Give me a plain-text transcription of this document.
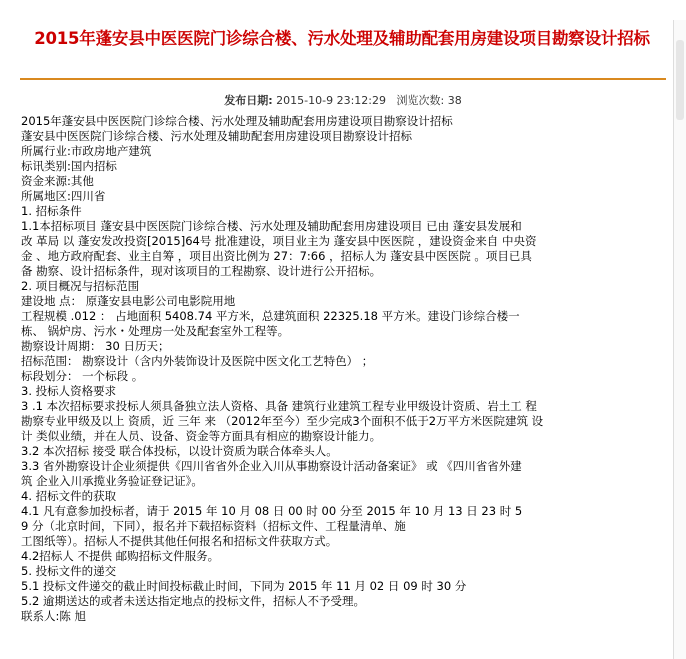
2015年蓬安县中医医院门诊综合楼、污水处理及辅助配套用房建设项目勘察设计招标
发布日期: 2015-10-9 23:12:29 浏览次数: 38
2015年蓬安县中医医院门诊综合楼、污水处理及辅助配套用房建设项目勘察设计招标
蓬安县中医医院门诊综合楼、污水处理及辅助配套用房建设项目勘察设计招标
所属行业:市政房地产建筑
标讯类别:国内招标
资金来源:其他
所属地区:四川省
1. 招标条件
1.1本招标项目 蓬安县中医医院门诊综合楼、污水处理及辅助配套用房建设项目 已由 蓬安县发展和
改 革局 以 蓬安发改投资[2015]64号 批准建设，项目业主为 蓬安县中医医院 ，建设资金来自 中央资
金 、地方政府配套、业主自筹 ，项目出资比例为 27：7:66 ，招标人为 蓬安县中医医院 。项目已具
备 勘察、设计招标条件，现对该项目的工程勘察、设计进行公开招标。
2. 项目概况与招标范围
建设地 点： 原蓬安县电影公司电影院用地
工程规模 .012 ： 占地面积 5408.74 平方米，总建筑面积 22325.18 平方米。建设门诊综合楼一
栋、 锅炉房、污水・处理房一处及配套室外工程等。
勘察设计周期： 30 日历天；
招标范围： 勘察设计（含内外装饰设计及医院中医文化工艺特色） ；
标段划分： 一个标段 。
3. 投标人资格要求
3 .1 本次招标要求投标人须具备独立法人资格、具备 建筑行业建筑工程专业甲级设计资质、岩土工 程
勘察专业甲级及以上 资质，近 三年 来 （2012年至今）至少完成3个面积不低于2万平方米医院建筑 设
计 类似业绩，并在人员、设备、资金等方面具有相应的勘察设计能力。
3.2 本次招标 接受 联合体投标，以设计资质为联合体牵头人。
3.3 省外勘察设计企业须提供《四川省省外企业入川从事勘察设计活动备案证》 或 《四川省省外建
筑 企业入川承揽业务验证登记证》。
4. 招标文件的获取
4.1 凡有意参加投标者，请于 2015 年 10 月 08 日 00 时 00 分至 2015 年 10 月 13 日 23 时 5
9 分（北京时间，下同），报名并下载招标资料（招标文件、工程量清单、施
工图纸等）。招标人不提供其他任何报名和招标文件获取方式。
4.2招标人 不提供 邮购招标文件服务。
5. 投标文件的递交
5.1 投标文件递交的截止时间投标截止时间，下同为 2015 年 11 月 02 日 09 时 30 分
5.2 逾期送达的或者未送达指定地点的投标文件，招标人不予受理。
联系人:陈 旭
